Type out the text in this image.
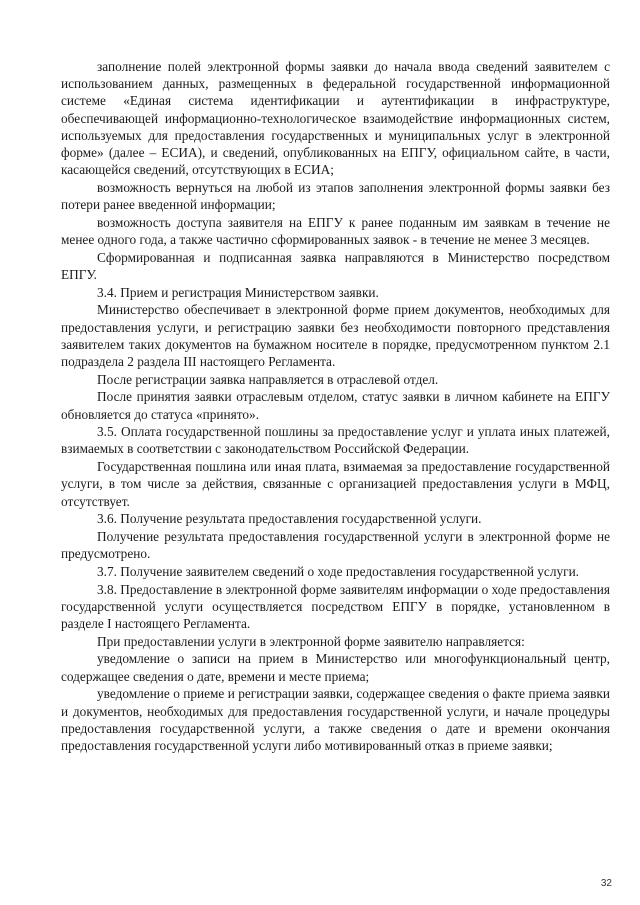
заполнение полей электронной формы заявки до начала ввода сведений заявителем с использованием данных, размещенных в федеральной государственной информационной системе «Единая система идентификации и аутентификации в инфраструктуре, обеспечивающей информационно-технологическое взаимодействие информационных систем, используемых для предоставления государственных и муниципальных услуг в электронной форме» (далее – ЕСИА), и сведений, опубликованных на ЕПГУ, официальном сайте, в части, касающейся сведений, отсутствующих в ЕСИА;

возможность вернуться на любой из этапов заполнения электронной формы заявки без потери ранее введенной информации;

возможность доступа заявителя на ЕПГУ к ранее поданным им заявкам в течение не менее одного года, а также частично сформированных заявок - в течение не менее 3 месяцев.

Сформированная и подписанная заявка направляются в Министерство посредством ЕПГУ.

3.4. Прием и регистрация Министерством заявки.

Министерство обеспечивает в электронной форме прием документов, необходимых для предоставления услуги, и регистрацию заявки без необходимости повторного представления заявителем таких документов на бумажном носителе в порядке, предусмотренном пунктом 2.1 подраздела 2 раздела III настоящего Регламента.

После регистрации заявка направляется в отраслевой отдел.

После принятия заявки отраслевым отделом, статус заявки в личном кабинете на ЕПГУ обновляется до статуса «принято».

3.5. Оплата государственной пошлины за предоставление услуг и уплата иных платежей, взимаемых в соответствии с законодательством Российской Федерации.

Государственная пошлина или иная плата, взимаемая за предоставление государственной услуги, в том числе за действия, связанные с организацией предоставления услуги в МФЦ, отсутствует.

3.6. Получение результата предоставления государственной услуги.

Получение результата предоставления государственной услуги в электронной форме не предусмотрено.

3.7. Получение заявителем сведений о ходе предоставления государственной услуги.

3.8. Предоставление в электронной форме заявителям информации о ходе предоставления государственной услуги осуществляется посредством ЕПГУ в порядке, установленном в разделе I настоящего Регламента.

При предоставлении услуги в электронной форме заявителю направляется:

уведомление о записи на прием в Министерство или многофункциональный центр, содержащее сведения о дате, времени и месте приема;

уведомление о приеме и регистрации заявки, содержащее сведения о факте приема заявки и документов, необходимых для предоставления государственной услуги, и начале процедуры предоставления государственной услуги, а также сведения о дате и времени окончания предоставления государственной услуги либо мотивированный отказ в приеме заявки;

32
